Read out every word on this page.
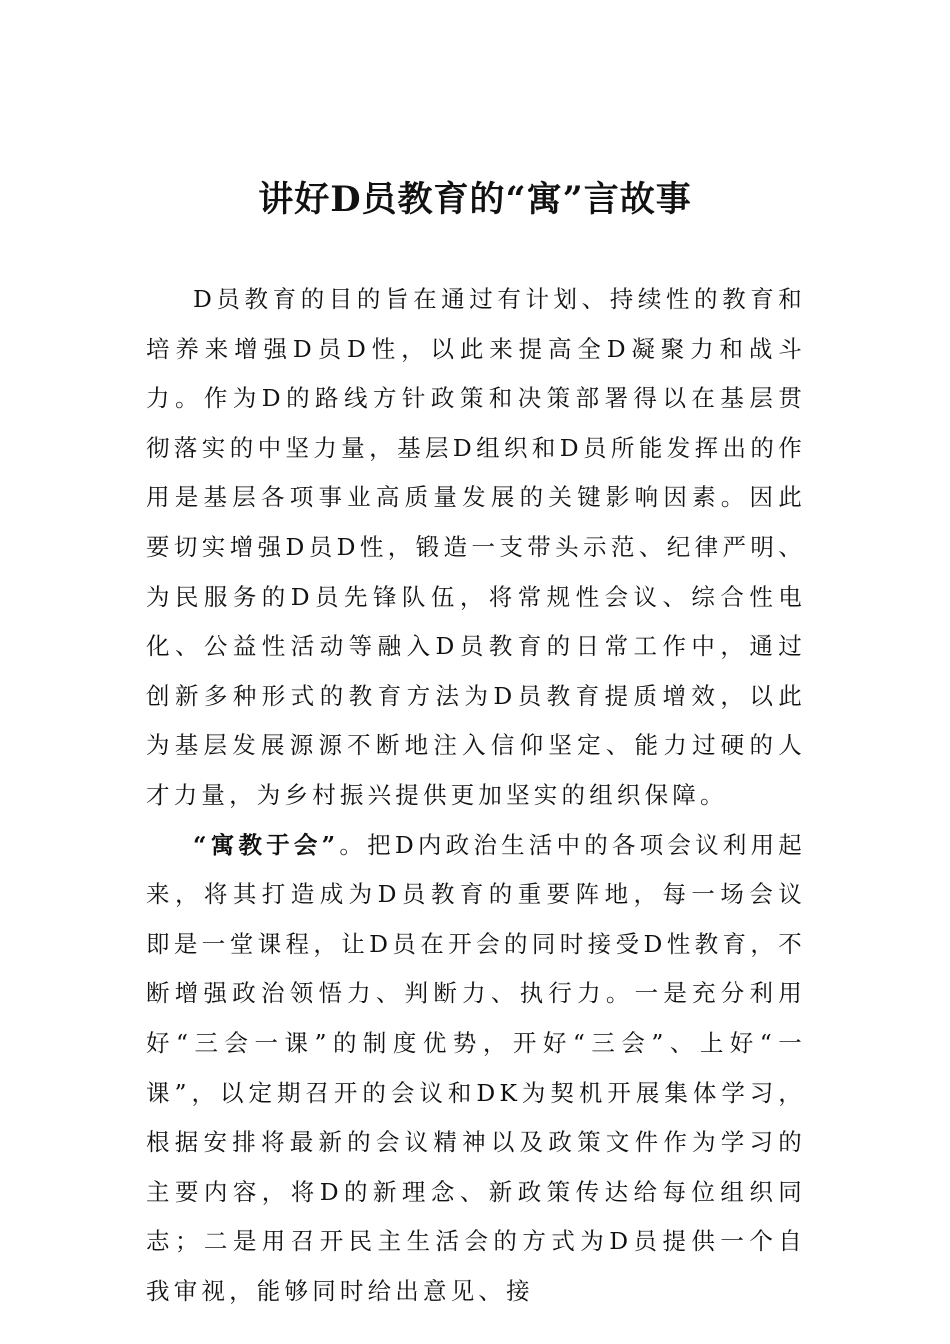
讲好D员教育的“寓”言故事

D员教育的目的旨在通过有计划、持续性的教育和培养来增强D员D性，以此来提高全D凝聚力和战斗力。作为D的路线方针政策和决策部署得以在基层贯彻落实的中坚力量，基层D组织和D员所能发挥出的作用是基层各项事业高质量发展的关键影响因素。因此要切实增强D员D性，锻造一支带头示范、纪律严明、为民服务的D员先锋队伍，将常规性会议、综合性电化、公益性活动等融入D员教育的日常工作中，通过创新多种形式的教育方法为D员教育提质增效，以此为基层发展源源不断地注入信仰坚定、能力过硬的人才力量，为乡村振兴提供更加坚实的组织保障。

“寓教于会”。把D内政治生活中的各项会议利用起来，将其打造成为D员教育的重要阵地，每一场会议即是一堂课程，让D员在开会的同时接受D性教育，不断增强政治领悟力、判断力、执行力。一是充分利用好“三会一课”的制度优势，开好“三会”、上好“一课”，以定期召开的会议和DK为契机开展集体学习，根据安排将最新的会议精神以及政策文件作为学习的主要内容，将D的新理念、新政策传达给每位组织同志；二是用召开民主生活会的方式为D员提供一个自我审视，能够同时给出意见、接
